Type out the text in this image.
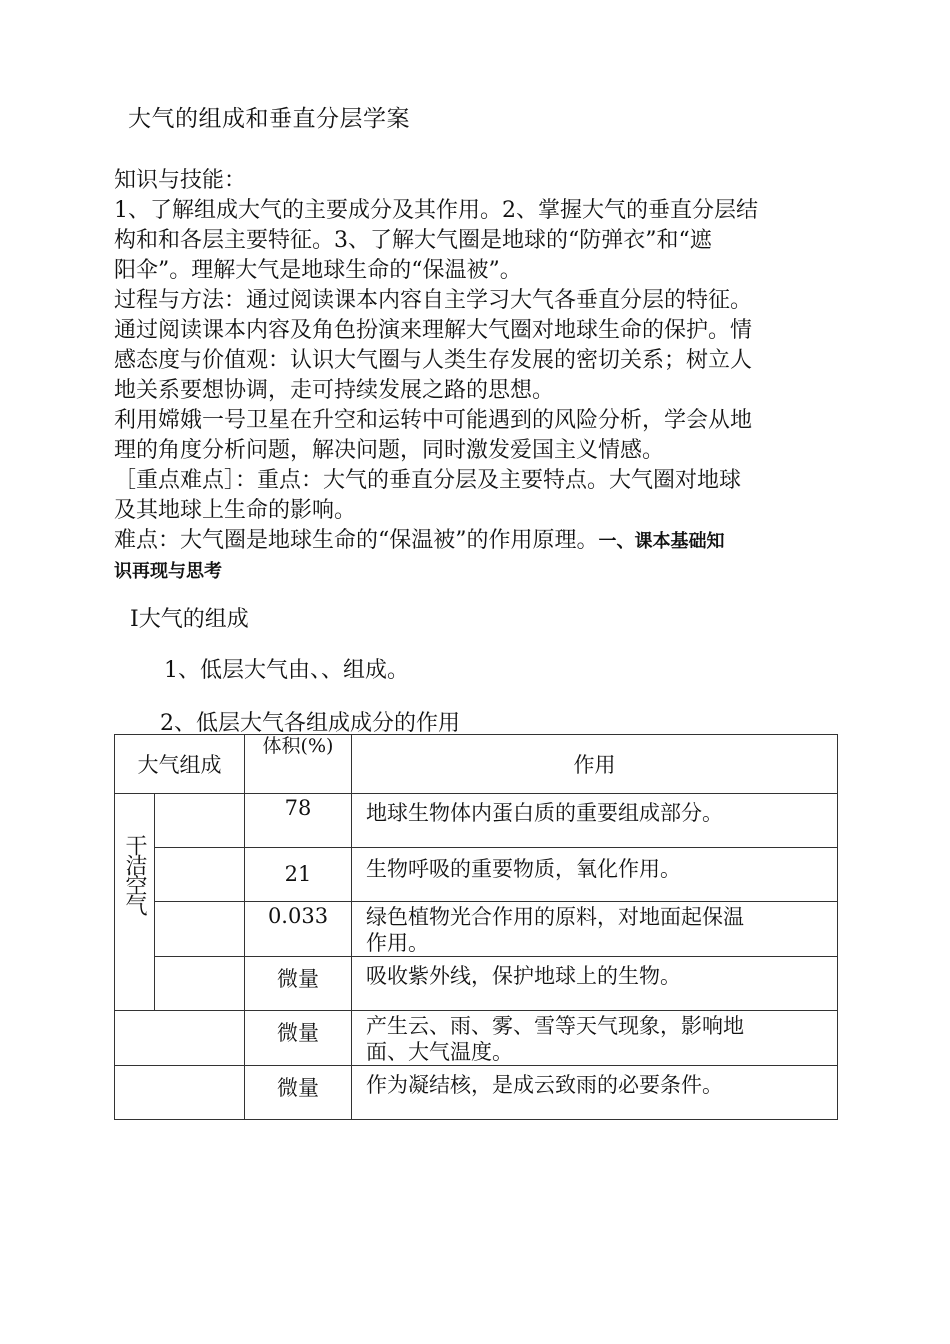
大气的组成和垂直分层学案
知识与技能：
1、了解组成大气的主要成分及其作用。2、掌握大气的垂直分层结
构和和各层主要特征。3、了解大气圈是地球的“防弹衣”和“遮
阳伞”。理解大气是地球生命的“保温被”。
过程与方法：通过阅读课本内容自主学习大气各垂直分层的特征。
通过阅读课本内容及角色扮演来理解大气圈对地球生命的保护。情
感态度与价值观：认识大气圈与人类生存发展的密切关系；树立人
地关系要想协调，走可持续发展之路的思想。
利用嫦娥一号卫星在升空和运转中可能遇到的风险分析，学会从地
理的角度分析问题，解决问题，同时激发爱国主义情感。
［重点难点］：重点：大气的垂直分层及主要特点。大气圈对地球
及其地球上生命的影响。
难点：大气圈是地球生命的“保温被”的作用原理。一、课本基础知
识再现与思考
Ⅰ大气的组成
1、低层大气由、、组成。
2、低层大气各组成成分的作用
大气组成		体积(%)	作用

干洁空气		78	地球生物体内蛋白质的重要组成部分。
		21	生物呼吸的重要物质，氧化作用。
		0.033	绿色植物光合作用的原料，对地面起保温
作用。
		微量	吸收紫外线，保护地球上的生物。
		微量	产生云、雨、雾、雪等天气现象，影响地
面、大气温度。
		微量	作为凝结核，是成云致雨的必要条件。
